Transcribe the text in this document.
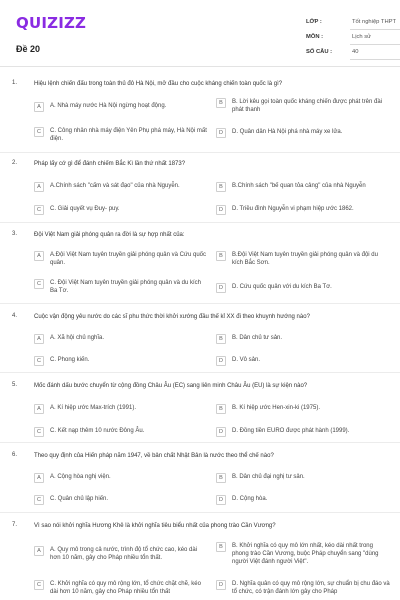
QUIZIZZ
Đề 20
LỚP :	Tốt nghiệp THPT
MÔN :	Lịch sử
SỐ CÂU :	40
1.	Hiệu lệnh chiến đấu trong toàn thủ đô Hà Nội, mở đầu cho cuộc kháng chiến toàn quốc là gì?
A	A. Nhà máy nước Hà Nội ngừng hoạt động.	B	B. Lời kêu gọi toàn quốc kháng chiến được phát trên đài phát thanh
C	C. Công nhân nhà máy điện Yên Phụ phá máy, Hà Nội mất điện.
D	D. Quân dân Hà Nội phá nhà máy xe lửa.
2.	Pháp lấy cớ gì để đánh chiếm Bắc Kì lần thứ nhất 1873?
A	A.Chính sách "cấm và sát đạo" của nhà Nguyễn.	B	B.Chính sách "bế quan tỏa cảng" của nhà Nguyễn
C	C. Giải quyết vụ Đuy- puy.	D	D. Triều đình Nguyễn vi phạm hiệp ước 1862.
3.	Đội Việt Nam giải phóng quân ra đời là sự hợp nhất của:
A	A.Đội Việt Nam tuyên truyền giải phóng quân và Cứu quốc quân.
B	B.Đội Việt Nam tuyên truyền giải phóng quân và đội du kích Bắc Sơn.
C	C. Đội Việt Nam tuyên truyền giải phóng quân và du kích Ba Tơ.	D	D. Cứu quốc quân với du kích Ba Tơ.
4.	Cuộc vận động yêu nước do các sĩ phu thức thời khởi xướng đầu thế kỉ XX đi theo khuynh hướng nào?
A	A. Xã hội chủ nghĩa.	B	B. Dân chủ tư sản.
C	C. Phong kiến.	D	D. Vô sản.
5.	Mốc đánh dấu bước chuyển từ cộng đồng Châu Âu (EC) sang liên minh Châu Âu (EU) là sự kiện nào?
A	A. Kí hiệp ước Max-trích (1991).	B	B. Kí hiệp ước Hen-xin-ki (1975).
C	C. Kết nạp thêm 10 nước Đông Âu.	D	D. Đồng tiền EURO được phát hành (1999).
6.	Theo quy định của Hiến pháp năm 1947, về bản chất Nhật Bản là nước theo thể chế nào?
A	A. Cộng hòa nghị viện.	B	B. Dân chủ đại nghị tư sản.
C	C. Quân chủ lập hiến.	D	D. Cộng hòa.
7.	Vì sao nói khởi nghĩa Hương Khê là khởi nghĩa tiêu biểu nhất của phong trào Cần Vương?
A	A. Quy mô trong cả nước, trình độ tổ chức cao, kéo dài hơn 10 năm, gây cho Pháp nhiều tổn thất.
B	B. Khởi nghĩa có quy mô lớn nhất, kéo dài nhất trong phong trào Cần Vương, buộc Pháp chuyển sang "dùng người Việt đánh người Việt".
C	C. Khởi nghĩa có quy mô rộng lớn, tổ chức chặt chẽ, kéo dài hơn 10 năm, gây cho Pháp nhiều tổn thất
D	D. Nghĩa quân có quy mô rộng lớn, sự chuẩn bị chu đáo và tổ chức, có trận đánh lớn gây cho Pháp
